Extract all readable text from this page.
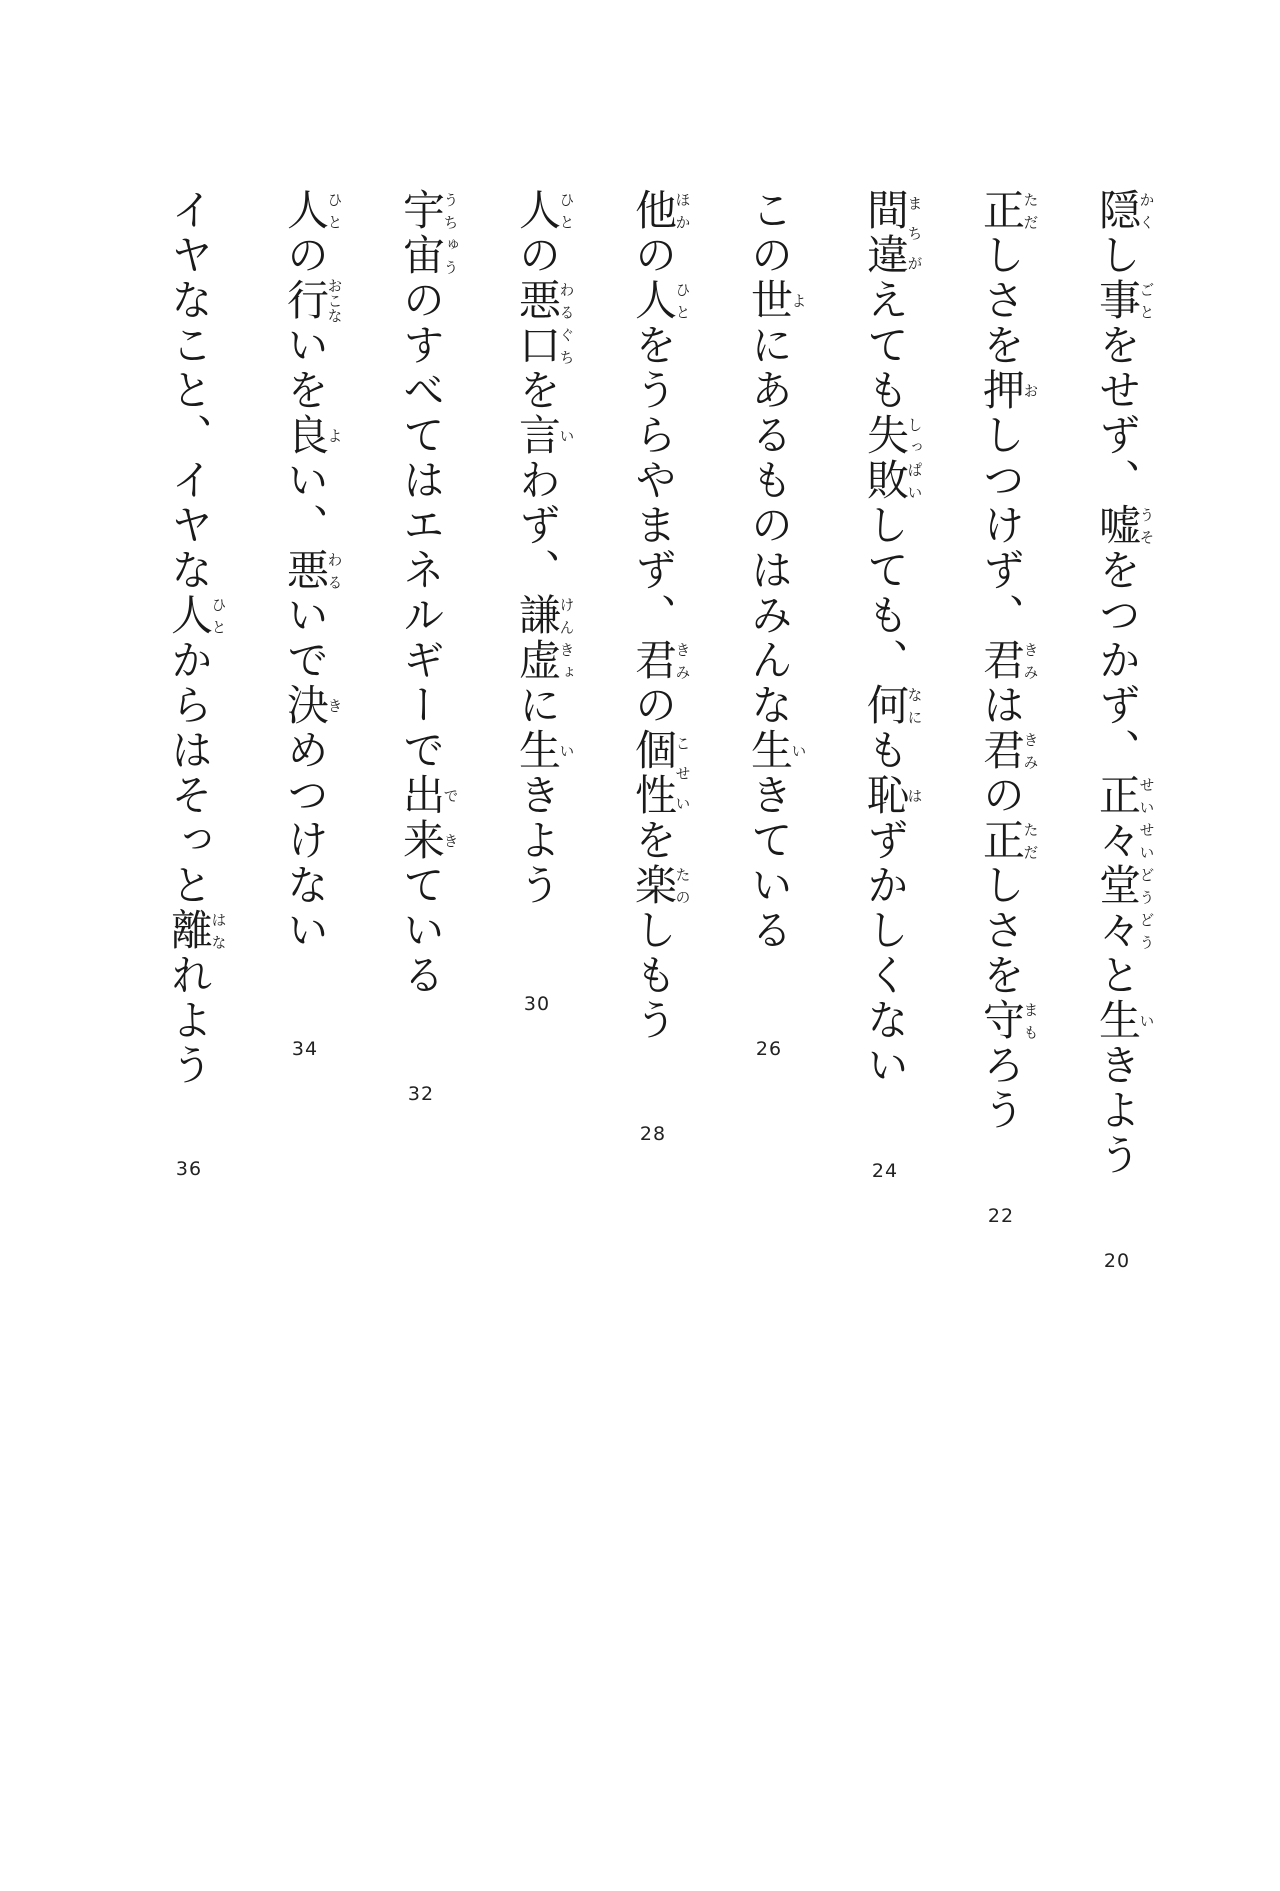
隠かくし事ごとをせず、嘘うそをつかず、正々堂々せいせいどうどうと生いきよう
20
正ただしさを押おしつけず、君きみは君きみの正ただしさを守まもろう
22
間違まちがえても失敗しっぱいしても、何なにも恥はずかしくない
24
この世よにあるものはみんな生いきている
26
他ほかの人ひとをうらやまず、君きみの個性こせいを楽たのしもう
28
人ひとの悪口わるぐちを言いわず、謙虚けんきょに生いきよう
30
宇宙うちゅうのすべてはエネルギーで出来できている
32
人ひとの行おこないを良よい、悪わるいで決きめつけない
34
イヤなこと、イヤな人ひとからはそっと離はなれよう
36
